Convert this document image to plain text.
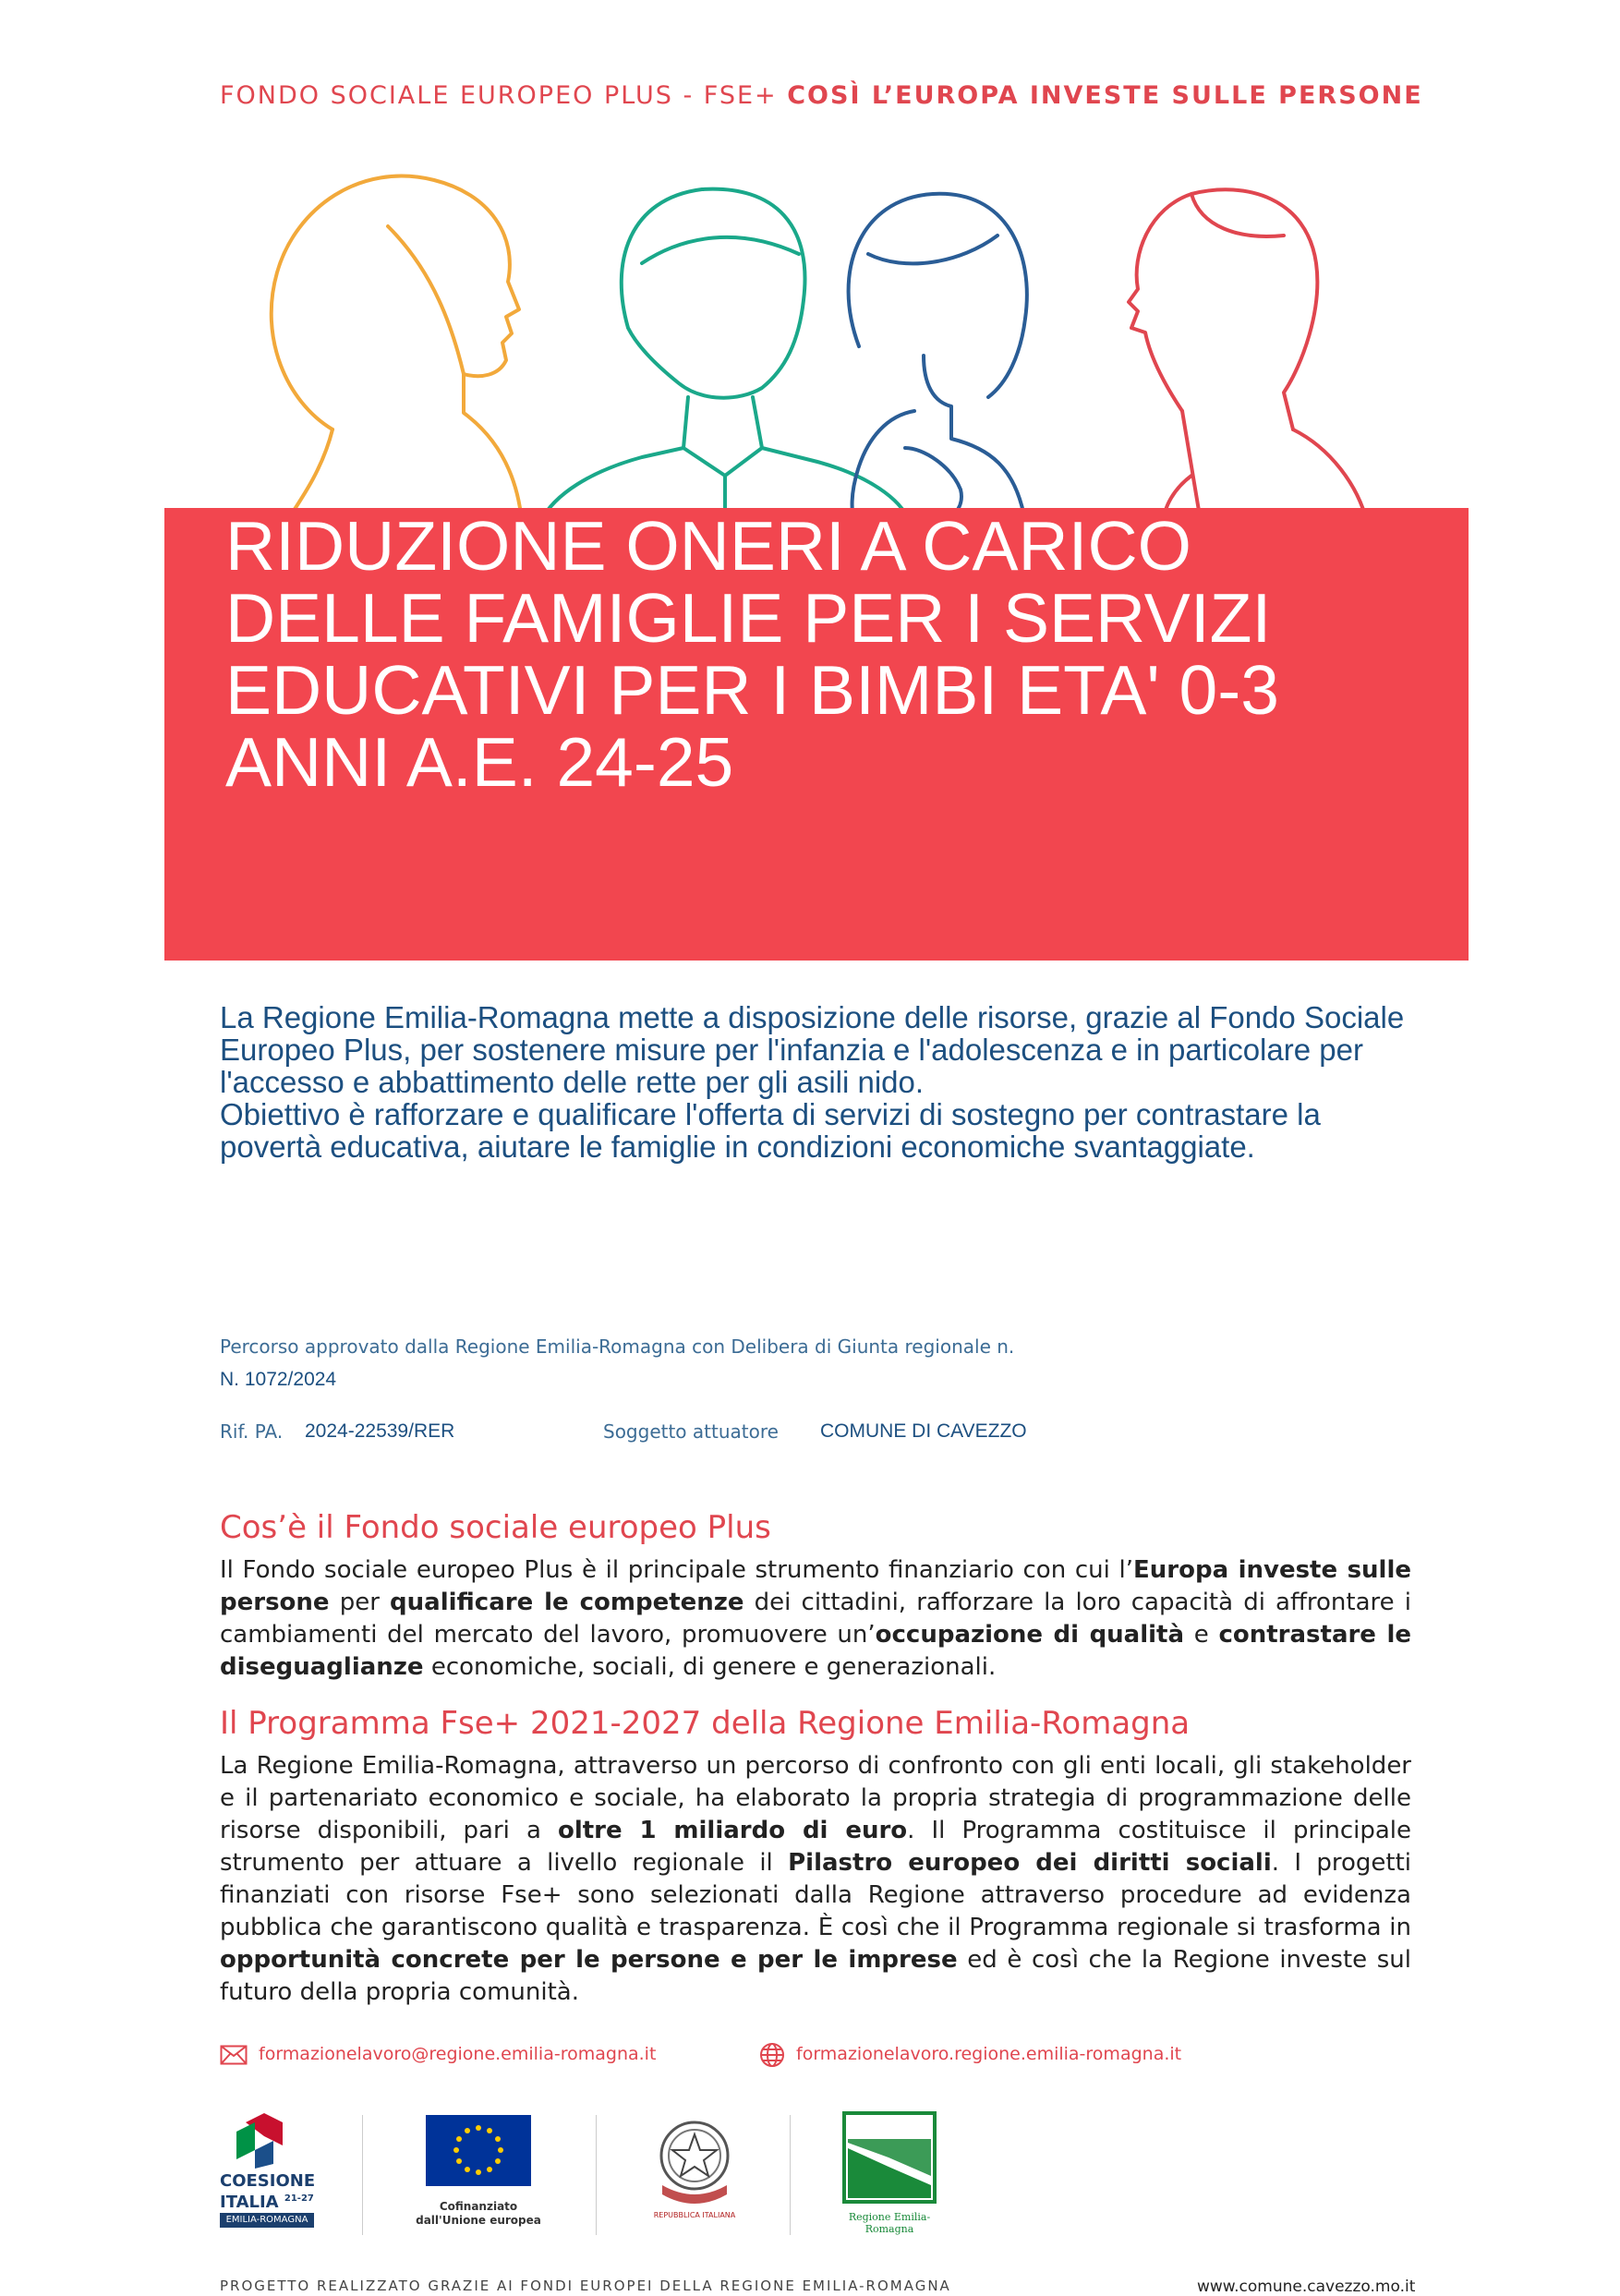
FONDO SOCIALE EUROPEO PLUS - FSE+ COSÌ L’EUROPA INVESTE SULLE PERSONE
RIDUZIONE ONERI A CARICO
DELLE FAMIGLIE PER I SERVIZI
EDUCATIVI PER I BIMBI ETA' 0-3
ANNI A.E. 24-25

La Regione Emilia-Romagna mette a disposizione delle risorse, grazie al Fondo Sociale Europeo Plus, per sostenere misure per l'infanzia e l'adolescenza e in particolare per l'accesso e abbattimento delle rette per gli asili nido.

Obiettivo è rafforzare e qualificare l'offerta di servizi di sostegno per contrastare la povertà educativa, aiutare le famiglie in condizioni economiche svantaggiate.

Percorso approvato dalla Regione Emilia-Romagna con Delibera di Giunta regionale n.
N. 1072/2024
Rif. PA. 2024-22539/RER	Soggetto attuatore COMUNE DI CAVEZZO
Cos’è il Fondo sociale europeo Plus
Il Fondo sociale europeo Plus è il principale strumento finanziario con cui l’Europa investe sulle persone per qualificare le competenze dei cittadini, rafforzare la loro capacità di affrontare i cambiamenti del mercato del lavoro, promuovere un’occupazione di qualità e contrastare le diseguaglianze economiche, sociali, di genere e generazionali.
Il Programma Fse+ 2021-2027 della Regione Emilia-Romagna
La Regione Emilia-Romagna, attraverso un percorso di confronto con gli enti locali, gli stakeholder e il partenariato economico e sociale, ha elaborato la propria strategia di programmazione delle risorse disponibili, pari a oltre 1 miliardo di euro. Il Programma costituisce il principale strumento per attuare a livello regionale il Pilastro europeo dei diritti sociali. I progetti finanziati con risorse Fse+ sono selezionati dalla Regione attraverso procedure ad evidenza pubblica che garantiscono qualità e trasparenza. È così che il Programma regionale si trasforma in opportunità concrete per le persone e per le imprese ed è così che la Regione investe sul futuro della propria comunità.
formazionelavoro@regione.emilia-romagna.it	formazionelavoro.regione.emilia-romagna.it
COESIONE
ITALIA $^{21-27}$
EMILIA-ROMAGNA
Cofinanziato
dall'Unione europea	REPUBBLICA ITALIANA	Regione Emilia-Romagna
PROGETTO REALIZZATO GRAZIE AI FONDI EUROPEI DELLA REGIONE EMILIA-ROMAGNA	www.comune.cavezzo.mo.it
